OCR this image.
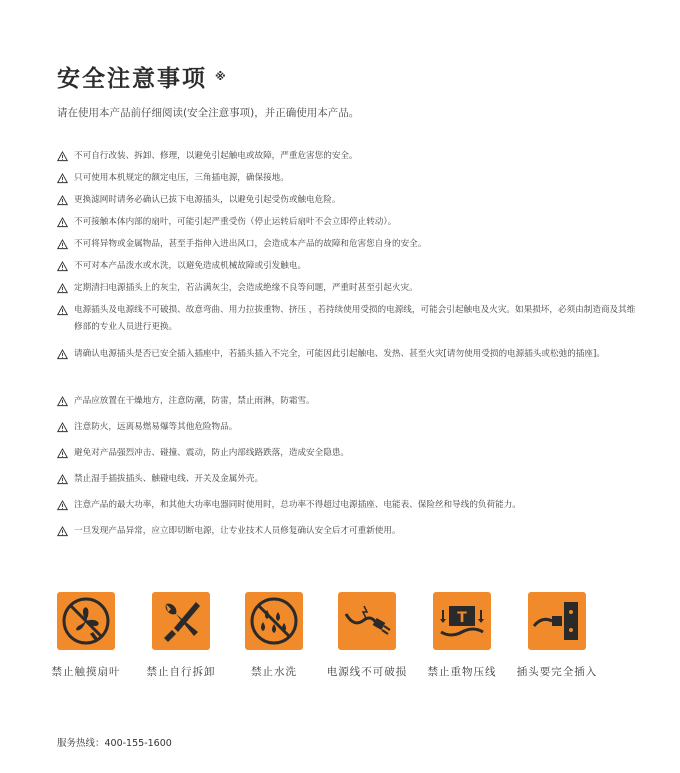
安全注意事项 ※
请在使用本产品前仔细阅读(安全注意事项)，并正确使用本产品。
不可自行改装、拆卸、修理，以避免引起触电或故障，严重危害您的安全。
只可使用本机规定的额定电压，三角插电源，确保接地。
更换滤网时请务必确认已拔下电源插头，以避免引起受伤或触电危险。
不可接触本体内部的扇叶，可能引起严重受伤（停止运转后扇叶不会立即停止转动）。
不可将异物或金属物品，甚至手指伸入进出风口，会造成本产品的故障和危害您自身的安全。
不可对本产品泼水或水洗，以避免造成机械故障或引发触电。
定期清扫电源插头上的灰尘，若沾满灰尘，会造成绝缘不良等问题，严重时甚至引起火灾。
电源插头及电源线不可破损、故意弯曲、用力拉拔重物、挤压 ，若持续使用受损的电源线，可能会引起触电及火灾。如果损坏，必须由制造商及其维修部的专业人员进行更换。
请确认电源插头是否已安全插入插座中，若插头插入不完全，可能因此引起触电、发热、甚至火灾[请勿使用受损的电源插头或松弛的插座]。
产品应放置在干燥地方，注意防潮，防雷，禁止雨淋，防霜雪。
注意防火，远离易燃易爆等其他危险物品。
避免对产品强烈冲击、碰撞、震动，防止内部线路跌落，造成安全隐患。
禁止湿手插拔插头、触碰电线、开关及金属外壳。
注意产品的最大功率，和其他大功率电器同时使用时，总功率不得超过电源插座、电能表、保险丝和导线的负荷能力。
一旦发现产品异常，应立即切断电源，让专业技术人员修复确认安全后才可重新使用。
禁止触摸扇叶	禁止自行拆卸	禁止水洗	电源线不可破损
T
禁止重物压线	插头要完全插入
服务热线：400-155-1600
